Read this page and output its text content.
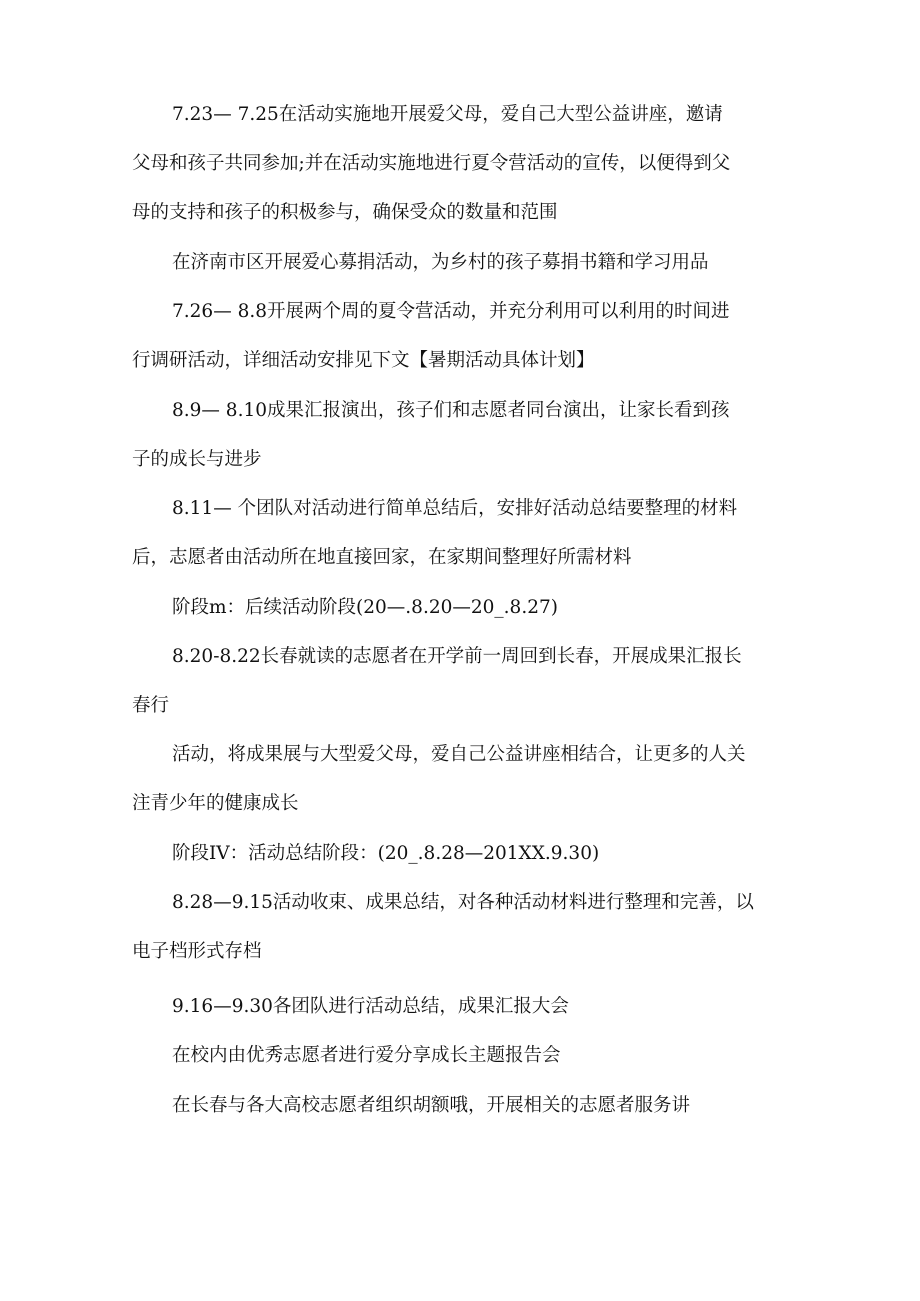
7.23— 7.25在活动实施地开展爱父母，爱自己大型公益讲座，邀请
父母和孩子共同参加;并在活动实施地进行夏令营活动的宣传，以便得到父
母的支持和孩子的积极参与，确保受众的数量和范围

在济南市区开展爱心募捐活动，为乡村的孩子募捐书籍和学习用品

7.26— 8.8开展两个周的夏令营活动，并充分利用可以利用的时间进
行调研活动，详细活动安排见下文【暑期活动具体计划】

8.9— 8.10成果汇报演出，孩子们和志愿者同台演出，让家长看到孩
子的成长与进步

8.11— 个团队对活动进行简单总结后，安排好活动总结要整理的材料
后，志愿者由活动所在地直接回家，在家期间整理好所需材料

阶段m：后续活动阶段(20—.8.20—20_.8.27)

8.20-8.22长春就读的志愿者在开学前一周回到长春，开展成果汇报长
春行

活动，将成果展与大型爱父母，爱自己公益讲座相结合，让更多的人关
注青少年的健康成长

阶段IV：活动总结阶段：(20_.8.28—201XX.9.30)

8.28—9.15活动收束、成果总结，对各种活动材料进行整理和完善，以
电子档形式存档

9.16—9.30各团队进行活动总结，成果汇报大会

在校内由优秀志愿者进行爱分享成长主题报告会

在长春与各大高校志愿者组织胡额哦，开展相关的志愿者服务讲
